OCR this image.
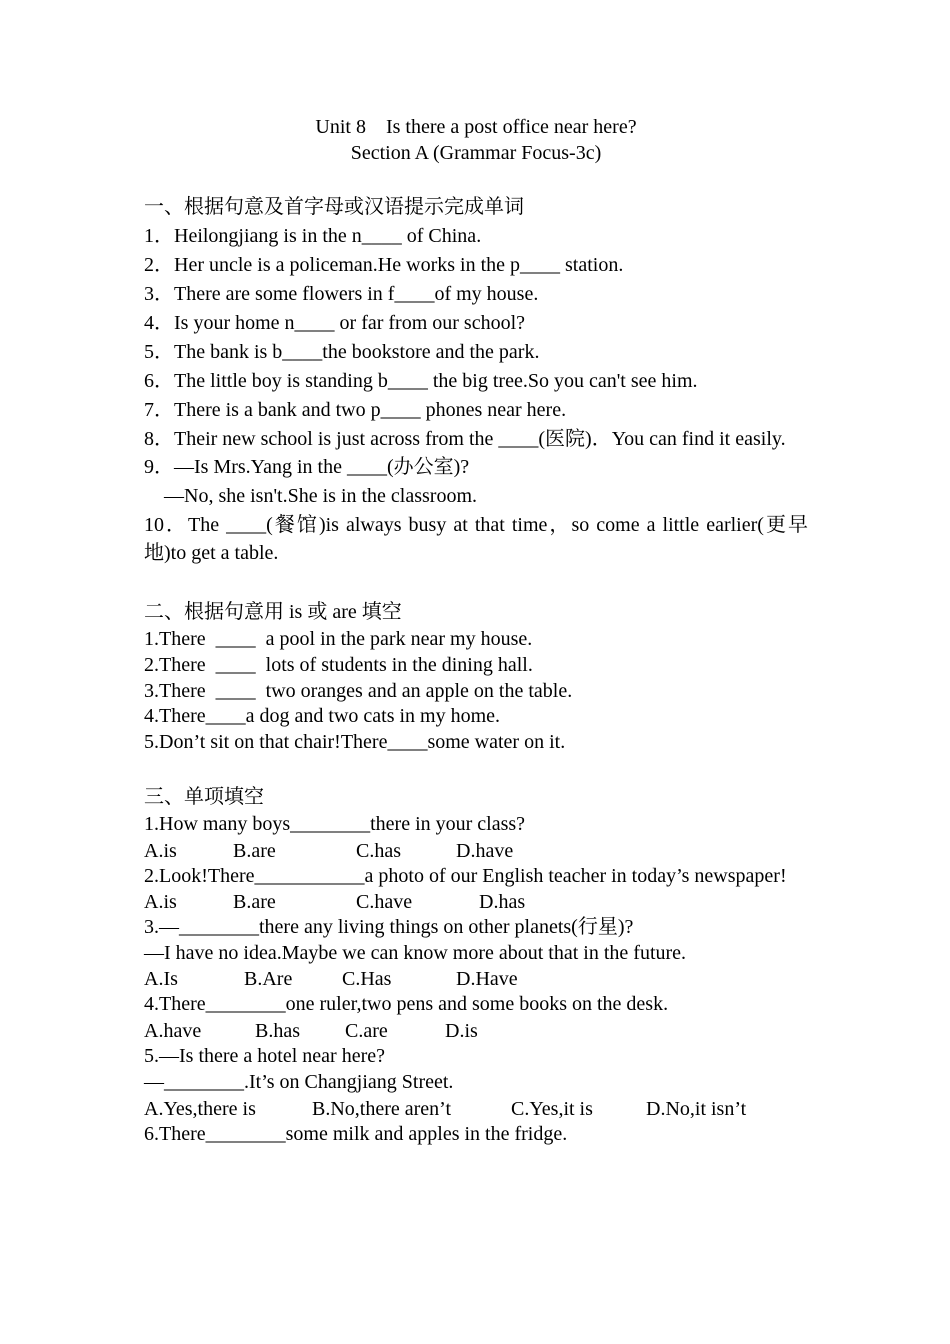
Unit 8    Is there a post office near here?
Section A (Grammar Focus-3c)
一、根据句意及首字母或汉语提示完成单词
1．Heilongjiang is in the n____ of China.
2．Her uncle is a policeman.He works in the p____ station.
3．There are some flowers in f____of my house.
4．Is your home n____ or far from our school?
5．The bank is b____the bookstore and the park.
6．The little boy is standing b____ the big tree.So you can't see him.
7．There is a bank and two p____ phones near here.
8．Their new school is just across from the ____(医院)．You can find it easily.
9．—Is Mrs.Yang in the ____(办公室)?
—No, she isn't.She is in the classroom.
10．The ____(餐馆)is always busy at that time，so come a little earlier(更早地)to get a table.
二、根据句意用 is 或 are 填空
1.There  ____  a pool in the park near my house.
2.There  ____  lots of students in the dining hall.
3.There  ____  two oranges and an apple on the table.
4.There____a dog and two cats in my home.
5.Don’t sit on that chair!There____some water on it.
三、单项填空
1.How many boys________there in your class?
A.is	B.are	C.has	D.have
2.Look!There___________a photo of our English teacher in today’s newspaper!
A.is	B.are	C.have	D.has
3.—________there any living things on other planets(行星)?
—I have no idea.Maybe we can know more about that in the future.
A.Is	B.Are	C.Has	D.Have
4.There________one ruler,two pens and some books on the desk.
A.have	B.has	C.are	D.is
5.—Is there a hotel near here?
—________.It’s on Changjiang Street.
A.Yes,there is	B.No,there aren’t	C.Yes,it is	D.No,it isn’t
6.There________some milk and apples in the fridge.
